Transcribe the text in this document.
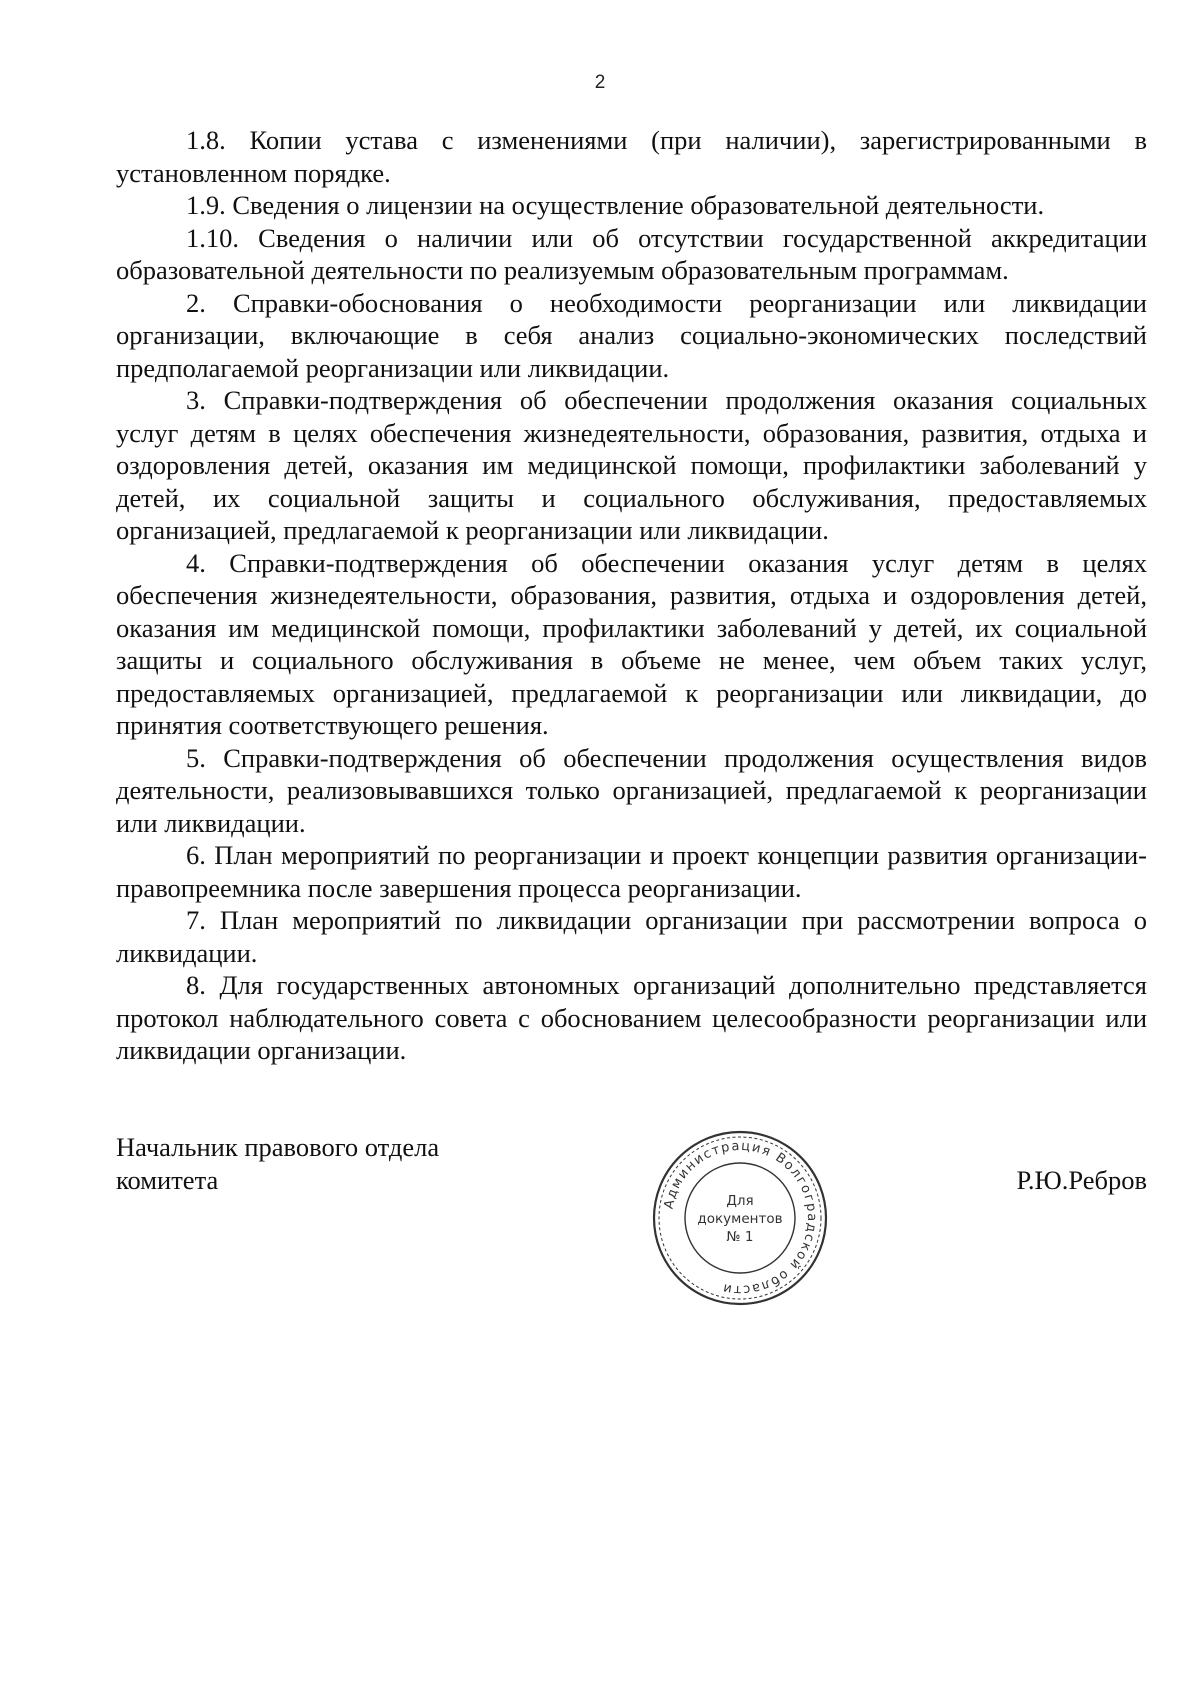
2

1.8. Копии устава с изменениями (при наличии), зарегистрированными в установленном порядке.

1.9. Сведения о лицензии на осуществление образовательной деятельности.

1.10. Сведения о наличии или об отсутствии государственной аккредитации образовательной деятельности по реализуемым образовательным программам.

2. Справки-обоснования о необходимости реорганизации или ликвидации организации, включающие в себя анализ социально-экономических последствий предполагаемой реорганизации или ликвидации.

3. Справки-подтверждения об обеспечении продолжения оказания социальных услуг детям в целях обеспечения жизнедеятельности, образования, развития, отдыха и оздоровления детей, оказания им медицинской помощи, профилактики заболеваний у детей, их социальной защиты и социального обслуживания, предоставляемых организацией, предлагаемой к реорганизации или ликвидации.

4. Справки-подтверждения об обеспечении оказания услуг детям в целях обеспечения жизнедеятельности, образования, развития, отдыха и оздоровления детей, оказания им медицинской помощи, профилактики заболеваний у детей, их социальной защиты и социального обслуживания в объеме не менее, чем объем таких услуг, предоставляемых организацией, предлагаемой к реорганизации или ликвидации, до принятия соответствующего решения.

5. Справки-подтверждения об обеспечении продолжения осуществления видов деятельности, реализовывавшихся только организацией, предлагаемой к реорганизации или ликвидации.

6. План мероприятий по реорганизации и проект концепции развития организации-правопреемника после завершения процесса реорганизации.

7. План мероприятий по ликвидации организации при рассмотрении вопроса о ликвидации.

8. Для государственных автономных организаций дополнительно представляется протокол наблюдательного совета с обоснованием целесообразности реорганизации или ликвидации организации.

Начальник правового отдела
комитета	Р.Ю.Ребров
Администрация Волгоградской области
Для
документов
№ 1
